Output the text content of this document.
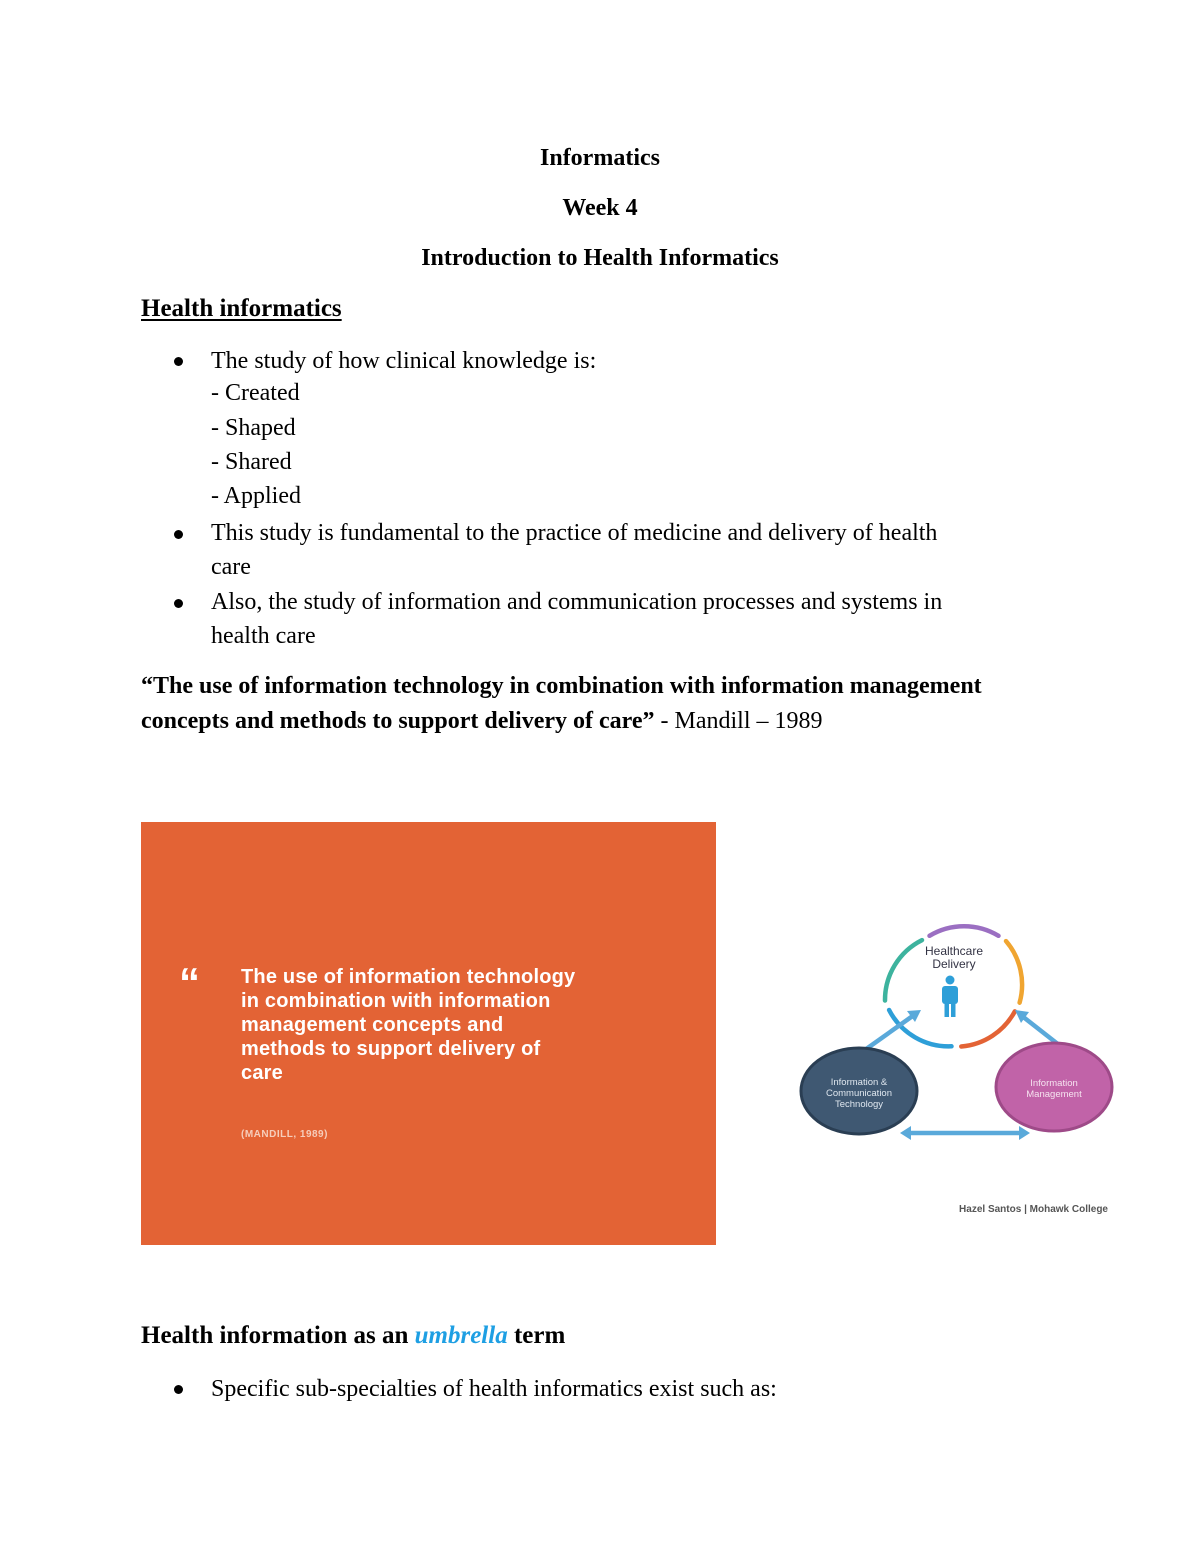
Informatics
Week 4
Introduction to Health Informatics
Health informatics
The study of how clinical knowledge is:
- Created
- Shaped
- Shared
- Applied
This study is fundamental to the practice of medicine and delivery of health
care
Also, the study of information and communication processes and systems in
health care
“The use of information technology in combination with information management
concepts and methods to support delivery of care” - Mandill – 1989
“ The use of information technology
in combination with information
management concepts and
methods to support delivery of
care
(MANDILL, 1989)
Healthcare
Delivery
Information &
Communication
Technology
Information
Management
Hazel Santos | Mohawk College
Health information as an umbrella term
Specific sub-specialties of health informatics exist such as:
